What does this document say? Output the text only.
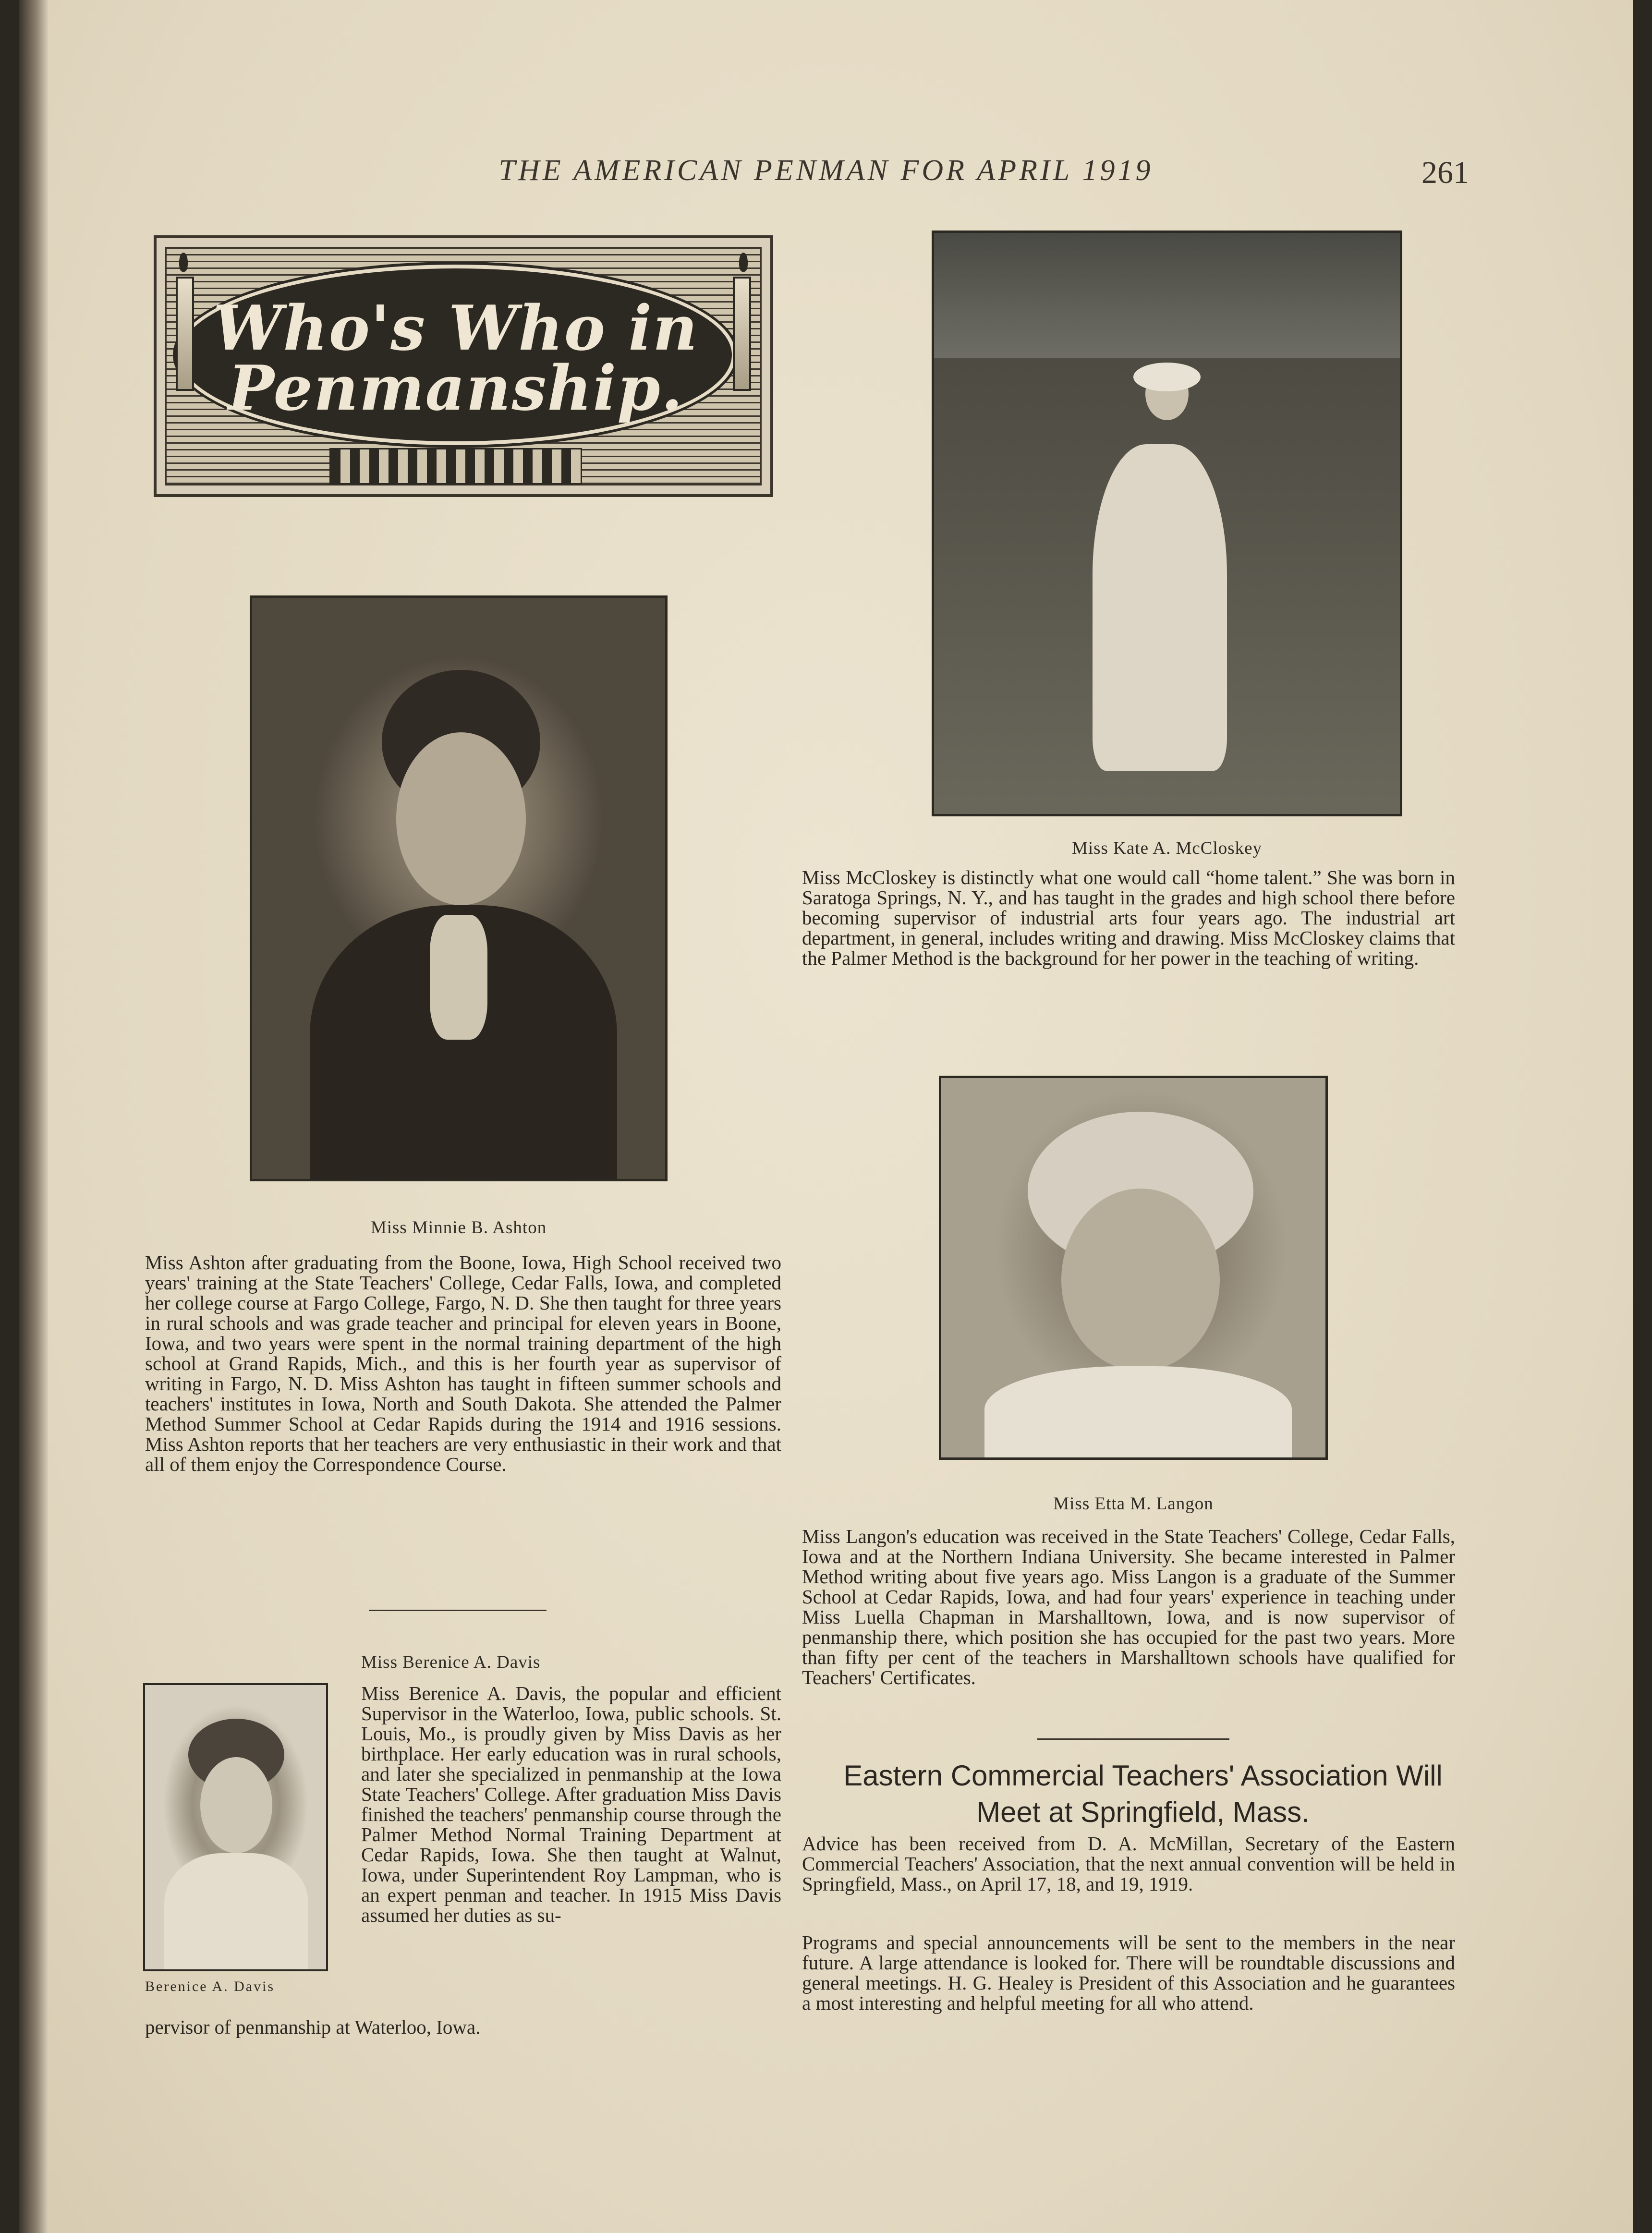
THE AMERICAN PENMAN FOR APRIL 1919	261
Who's Who in
Penmanship.
Miss Minnie B. Ashton
Miss Ashton after graduating from the Boone, Iowa, High School received two years' training at the State Teachers' College, Cedar Falls, Iowa, and completed her college course at Fargo College, Fargo, N. D. She then taught for three years in rural schools and was grade teacher and principal for eleven years in Boone, Iowa, and two years were spent in the normal training department of the high school at Grand Rapids, Mich., and this is her fourth year as supervisor of writing in Fargo, N. D. Miss Ashton has taught in fifteen summer schools and teachers' institutes in Iowa, North and South Dakota. She attended the Palmer Method Summer School at Cedar Rapids during the 1914 and 1916 sessions. Miss Ashton reports that her teachers are very enthusiastic in their work and that all of them enjoy the Correspondence Course.
Miss Berenice A. Davis
Berenice A. Davis
Miss Berenice A. Davis, the popular and efficient Supervisor in the Waterloo, Iowa, public schools. St. Louis, Mo., is proudly given by Miss Davis as her birthplace. Her early education was in rural schools, and later she specialized in penmanship at the Iowa State Teachers' College. After graduation Miss Davis finished the teachers' penmanship course through the Palmer Method Normal Training Department at Cedar Rapids, Iowa. She then taught at Walnut, Iowa, under Superintendent Roy Lampman, who is an expert penman and teacher. In 1915 Miss Davis assumed her duties as su-
pervisor of penmanship at Waterloo, Iowa.
Miss Kate A. McCloskey
Miss McCloskey is distinctly what one would call “home talent.” She was born in Saratoga Springs, N. Y., and has taught in the grades and high school there before becoming supervisor of industrial arts four years ago. The industrial art department, in general, includes writing and drawing. Miss McCloskey claims that the Palmer Method is the background for her power in the teaching of writing.
Miss Etta M. Langon
Miss Langon's education was received in the State Teachers' College, Cedar Falls, Iowa and at the Northern Indiana University. She became interested in Palmer Method writing about five years ago. Miss Langon is a graduate of the Summer School at Cedar Rapids, Iowa, and had four years' experience in teaching under Miss Luella Chapman in Marshalltown, Iowa, and is now supervisor of penmanship there, which position she has occupied for the past two years. More than fifty per cent of the teachers in Marshalltown schools have qualified for Teachers' Certificates.
Eastern Commercial Teachers' Association Will
Meet at Springfield, Mass.
Advice has been received from D. A. McMillan, Secretary of the Eastern Commercial Teachers' Association, that the next annual convention will be held in Springfield, Mass., on April 17, 18, and 19, 1919.
Programs and special announcements will be sent to the members in the near future. A large attendance is looked for. There will be roundtable discussions and general meetings. H. G. Healey is President of this Association and he guarantees a most interesting and helpful meeting for all who attend.
